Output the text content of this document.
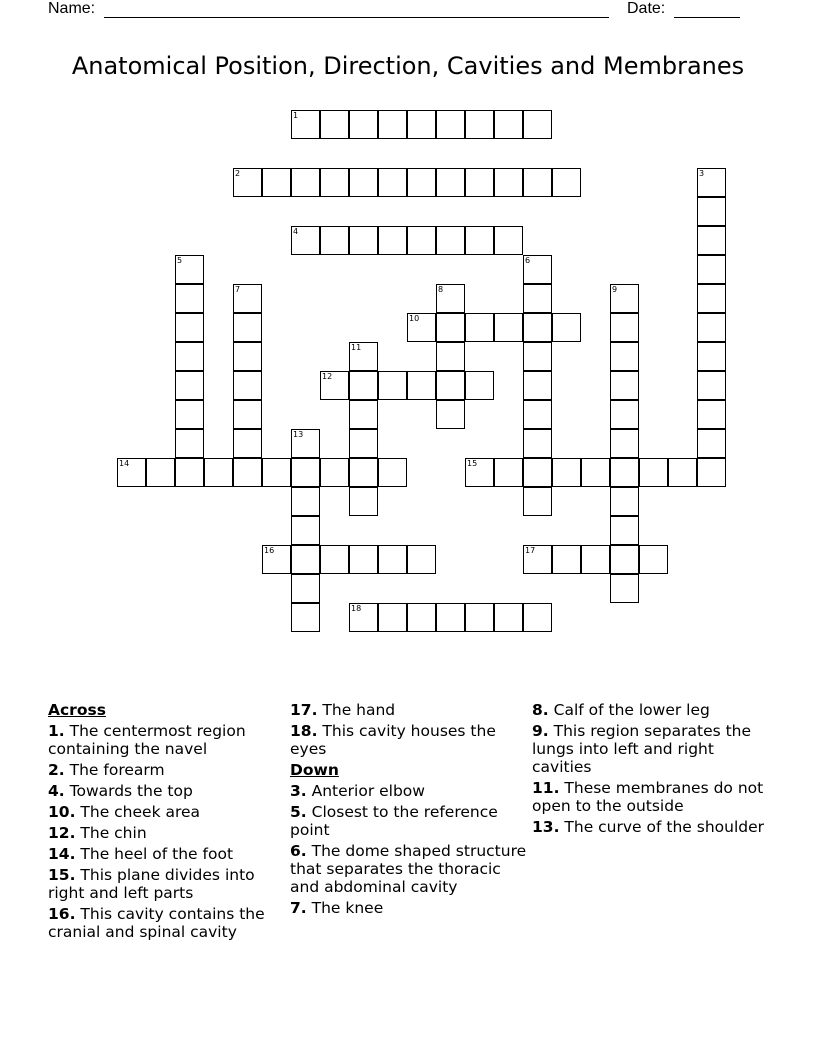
Name:	Date:
Anatomical Position, Direction, Cavities and Membranes
1
2	3
4
5	6
7	8	9
10
11
12
13
14	15
16	17
18
Across
1. The centermost region containing the navel
2. The forearm
4. Towards the top
10. The cheek area
12. The chin
14. The heel of the foot
15. This plane divides into right and left parts
16. This cavity contains the cranial and spinal cavity
17. The hand
18. This cavity houses the eyes
Down
3. Anterior elbow
5. Closest to the reference point
6. The dome shaped structure that separates the thoracic and abdominal cavity
7. The knee
8. Calf of the lower leg
9. This region separates the lungs into left and right cavities
11. These membranes do not open to the outside
13. The curve of the shoulder
